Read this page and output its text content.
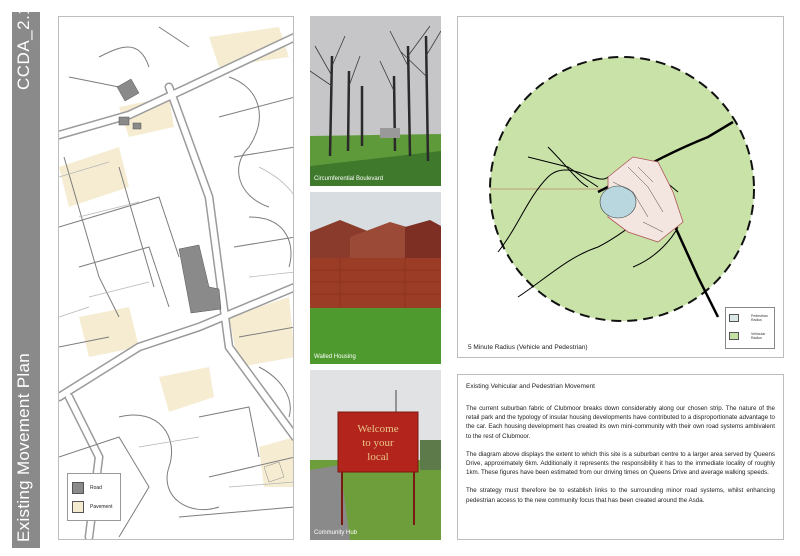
CCDA_2.1
Existing Movement Plan	Road
Pavement
Circumferential Boulevard
Walled Housing
Welcome
to your
local
Community Hub
5 Minute Radius (Vehicle and Pedestrian)
Pedestrian Radius
Vehicular Radius
Existing Vehicular and Pedestrian Movement

The current suburban fabric of Clubmoor breaks down considerably along our chosen strip. The nature of the retail park and the typology of insular housing developments have contributed to a disproportionate advantage to the car. Each housing development has created its own mini-community with their own road systems ambivalent to the rest of Clubmoor.

The diagram above displays the extent to which this site is a suburban centre to a larger area served by Queens Drive, approximately 6km. Additionally it represents the responsibility it has to the immediate locality of roughly 1km. These figures have been estimated from our driving times on Queens Drive and average walking speeds.

The strategy must therefore be to establish links to the surrounding minor road systems, whilst enhancing pedestrian access to the new community focus that has been created around the Asda.
